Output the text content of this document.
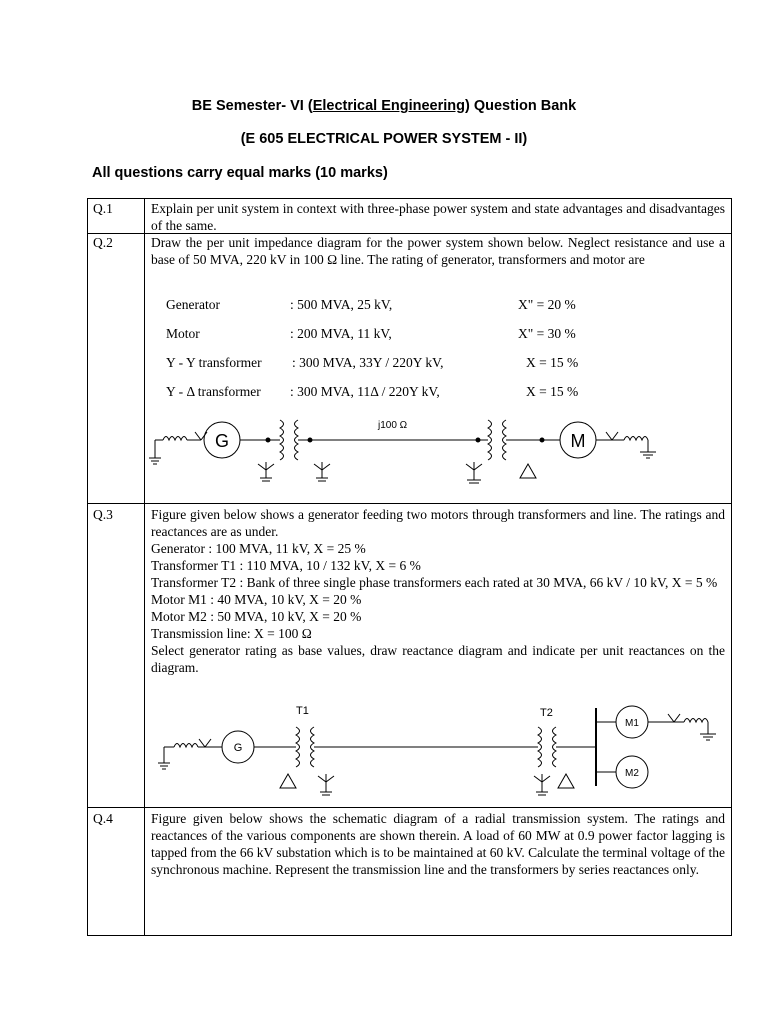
BE Semester- VI (Electrical Engineering) Question Bank
(E 605 ELECTRICAL POWER SYSTEM - II)
All questions carry equal marks (10 marks)
Q.1	Explain per unit system in context with three-phase power system and state advantages and disadvantages of the same.
Q.2	Draw the per unit impedance diagram for the power system shown below. Neglect resistance and use a base of 50 MVA, 220 kV in 100 Ω line. The rating of generator, transformers and motor are
Generator	: 500 MVA, 25 kV,	X" = 20 %
Motor	: 200 MVA, 11 kV,	X" = 30 %
Y - Y transformer : 300 MVA, 33Y / 220Y kV,	X = 15 %
Y - Δ transformer : 300 MVA, 11Δ / 220Y kV,	X = 15 %
j100 Ω
G	M
Q.3	Figure given below shows a generator feeding two motors through transformers and line. The ratings and reactances are as under.
Generator : 100 MVA, 11 kV, X = 25 %
Transformer T1 : 110 MVA, 10 / 132 kV, X = 6 %
Transformer T2 : Bank of three single phase transformers each rated at 30 MVA, 66 kV / 10 kV, X = 5 %
Motor M1 : 40 MVA, 10 kV, X = 20 %
Motor M2 : 50 MVA, 10 kV, X = 20 %
Transmission line: X = 100 Ω
Select generator rating as base values, draw reactance diagram and indicate per unit reactances on the diagram.
T1	T2
G
M1
M2
Q.4	Figure given below shows the schematic diagram of a radial transmission system. The ratings and reactances of the various components are shown therein. A load of 60 MW at 0.9 power factor lagging is tapped from the 66 kV substation which is to be maintained at 60 kV. Calculate the terminal voltage of the synchronous machine. Represent the transmission line and the transformers by series reactances only.
